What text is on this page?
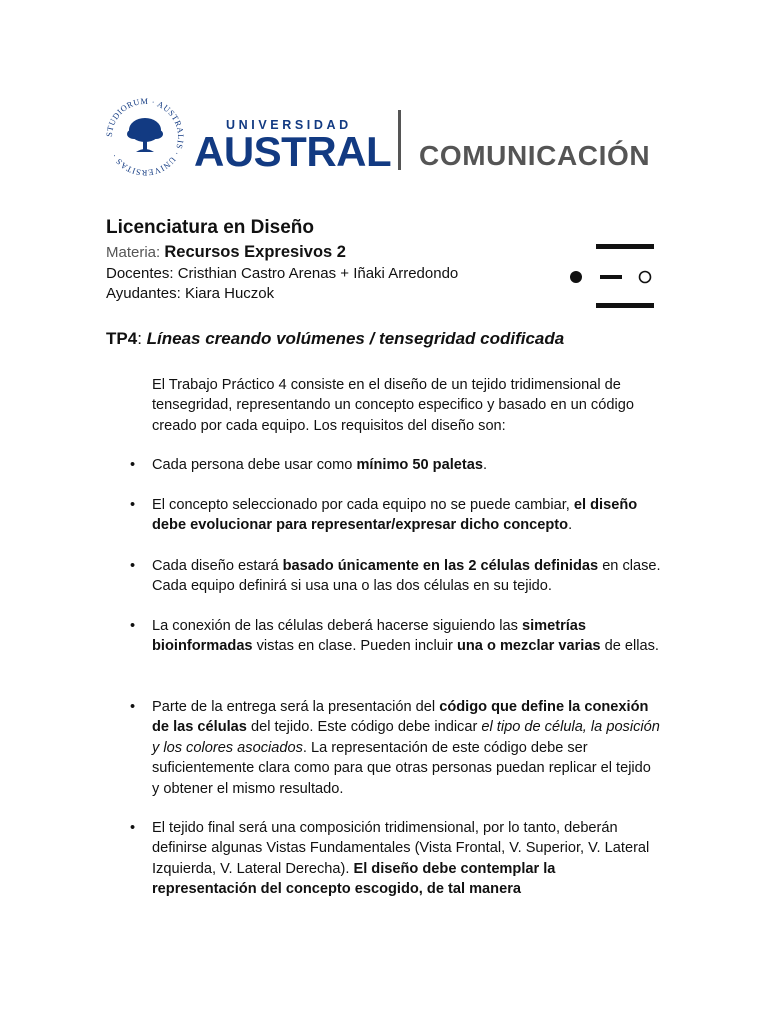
STUDIORUM · AUSTRALIS · UNIVERSITAS ·
UNIVERSIDAD
AUSTRAL COMUNICACIÓN
Licenciatura en Diseño
Materia: Recursos Expresivos 2
Docentes: Cristhian Castro Arenas + Iñaki Arredondo
Ayudantes: Kiara Huczok
TP4: Líneas creando volúmenes / tensegridad codificada
El Trabajo Práctico 4 consiste en el diseño de un tejido tridimensional de tensegridad, representando un concepto especifico y basado en un código creado por cada equipo. Los requisitos del diseño son:
• Cada persona debe usar como mínimo 50 paletas.
• El concepto seleccionado por cada equipo no se puede cambiar, el diseño debe evolucionar para representar/expresar dicho concepto.
• Cada diseño estará basado únicamente en las 2 células definidas en clase. Cada equipo definirá si usa una o las dos células en su tejido.
• La conexión de las células deberá hacerse siguiendo las simetrías bioinformadas vistas en clase. Pueden incluir una o mezclar varias de ellas.
• Parte de la entrega será la presentación del código que define la conexión de las células del tejido. Este código debe indicar el tipo de célula, la posición y los colores asociados. La representación de este código debe ser suficientemente clara como para que otras personas puedan replicar el tejido y obtener el mismo resultado.
• El tejido final será una composición tridimensional, por lo tanto, deberán definirse algunas Vistas Fundamentales (Vista Frontal, V. Superior, V. Lateral Izquierda, V. Lateral Derecha). El diseño debe contemplar la representación del concepto escogido, de tal manera
